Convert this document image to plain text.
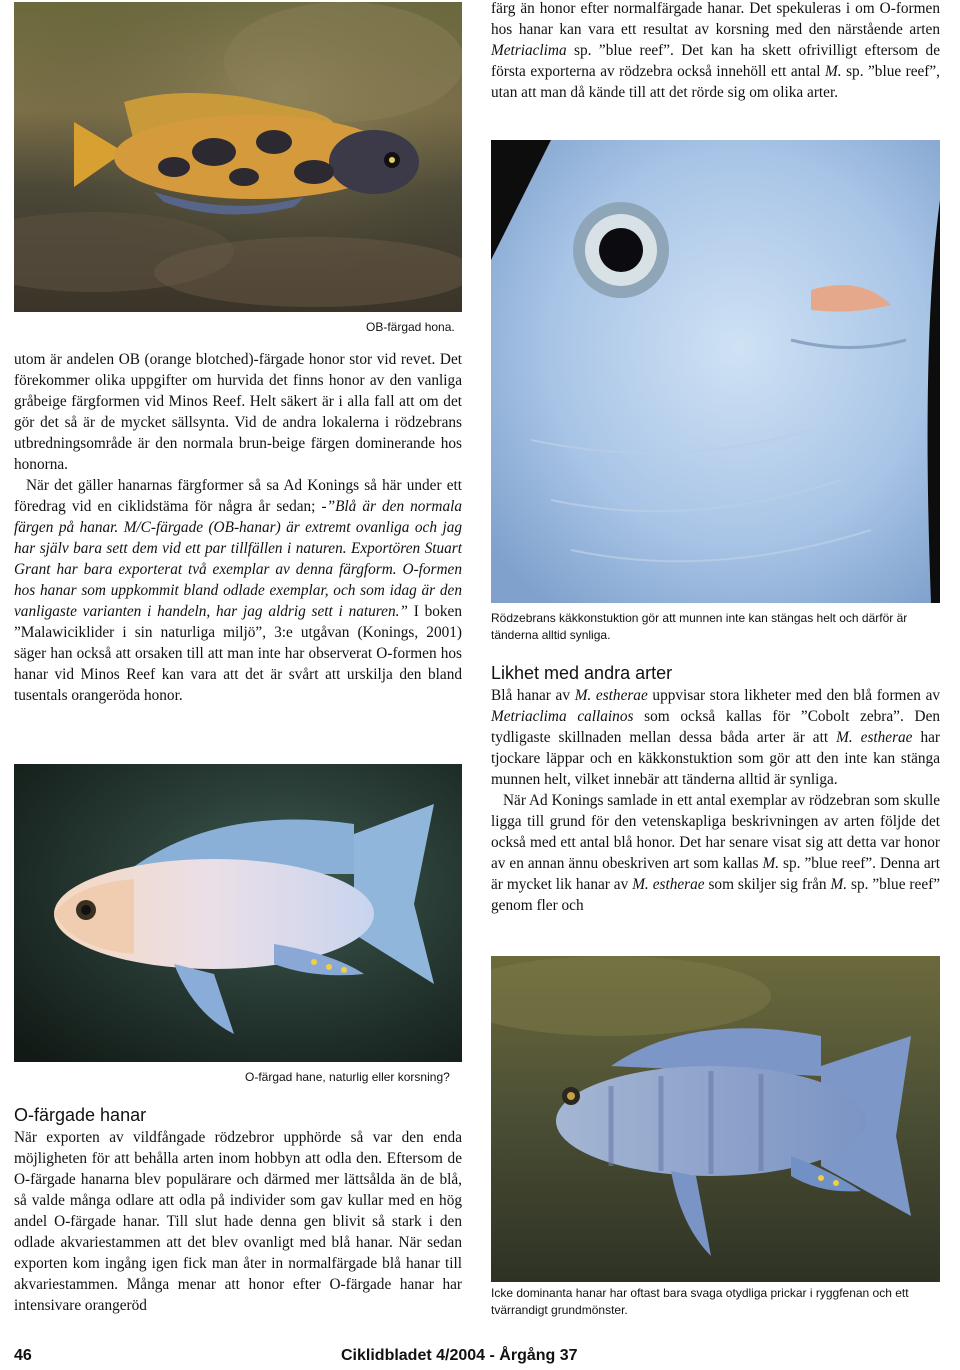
färg än honor efter normalfärgade hanar. Det spekuleras i om O-formen hos hanar kan vara ett resultat av korsning med den närstående arten Metriaclima sp. ”blue reef”. Det kan ha skett ofrivilligt eftersom de första exporterna av rödzebra också innehöll ett antal M. sp. ”blue reef”, utan att man då kände till att det rörde sig om olika arter.

OB-färgad hona.

utom är andelen OB (orange blotched)-färgade honor stor vid revet. Det förekommer olika uppgifter om hurvida det finns honor av den vanliga gråbeige färgformen vid Minos Reef. Helt säkert är i alla fall att om det gör det så är de mycket sällsynta. Vid de andra lokalerna i rödzebrans utbredningsområde är den normala brun-beige färgen dominerande hos honorna.

När det gäller hanarnas färgformer så sa Ad Konings så här under ett föredrag vid en ciklidstäma för några år sedan; -”Blå är den normala färgen på hanar. M/C-färgade (OB-hanar) är extremt ovanliga och jag har själv bara sett dem vid ett par tillfällen i naturen. Exportören Stuart Grant har bara exporterat två exemplar av denna färgform. O-formen hos hanar som uppkommit bland odlade exemplar, och som idag är den vanligaste varianten i handeln, har jag aldrig sett i naturen.” I boken ”Malawiciklider i sin naturliga miljö”, 3:e utgåvan (Konings, 2001) säger han också att orsaken till att man inte har observerat O-formen hos hanar vid Minos Reef kan vara att det är svårt att urskilja den bland tusentals orangeröda honor.

Rödzebrans käkkonstuktion gör att munnen inte kan stängas helt och därför är tänderna alltid synliga.
Likhet med andra arter

Blå hanar av M. estherae uppvisar stora likheter med den blå formen av Metriaclima callainos som också kallas för ”Cobolt zebra”. Den tydligaste skillnaden mellan dessa båda arter är att M. estherae har tjockare läppar och en käkkonstuktion som gör att den inte kan stänga munnen helt, vilket innebär att tänderna alltid är synliga.

När Ad Konings samlade in ett antal exemplar av rödzebran som skulle ligga till grund för den vetenskapliga beskrivningen av arten följde det också med ett antal blå honor. Det har senare visat sig att detta var honor av en annan ännu obeskriven art som kallas M. sp. ”blue reef”. Denna art är mycket lik hanar av M. estherae som skiljer sig från M. sp. ”blue reef” genom fler och

O-färgad hane, naturlig eller korsning?
O-färgade hanar

När exporten av vildfångade rödzebror upphörde så var den enda möjligheten för att behålla arten inom hobbyn att odla den. Eftersom de O-färgade hanarna blev populärare och därmed mer lättsålda än de blå, så valde många odlare att odla på individer som gav kullar med en hög andel O-färgade hanar. Till slut hade denna gen blivit så stark i den odlade akvariestammen att det blev ovanligt med blå hanar. När sedan exporten kom ingång igen fick man åter in normalfärgade blå hanar till akvariestammen. Många menar att honor efter O-färgade hanar har intensivare orangeröd

Icke dominanta hanar har oftast bara svaga otydliga prickar i ryggfenan och ett tvärrandigt grundmönster.
46	Ciklidbladet 4/2004 - Årgång 37
